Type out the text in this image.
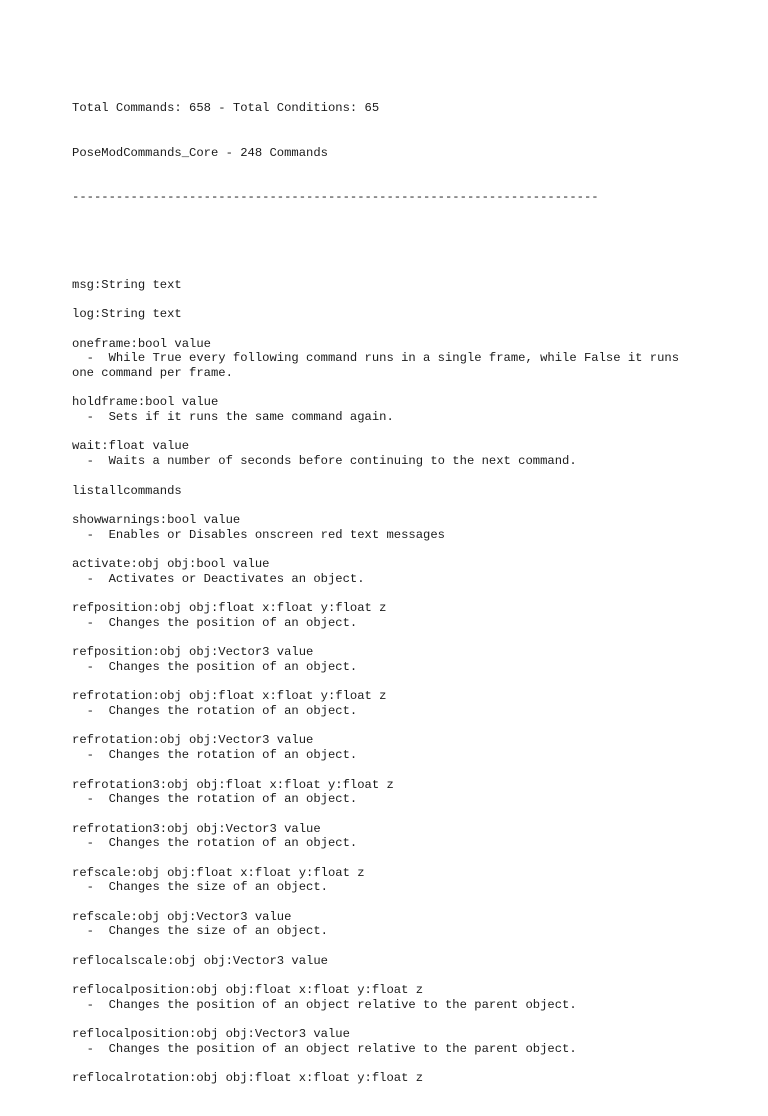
Total Commands: 658 - Total Conditions: 65

PoseModCommands_Core - 248 Commands

------------------------------------------------------------------------

msg:String text
log:String text
oneframe:bool value
-  While True every following command runs in a single frame, while False it runs
one command per frame.
holdframe:bool value
-  Sets if it runs the same command again.
wait:float value
-  Waits a number of seconds before continuing to the next command.
listallcommands
showwarnings:bool value
-  Enables or Disables onscreen red text messages
activate:obj obj:bool value
-  Activates or Deactivates an object.
refposition:obj obj:float x:float y:float z
-  Changes the position of an object.
refposition:obj obj:Vector3 value
-  Changes the position of an object.
refrotation:obj obj:float x:float y:float z
-  Changes the rotation of an object.
refrotation:obj obj:Vector3 value
-  Changes the rotation of an object.
refrotation3:obj obj:float x:float y:float z
-  Changes the rotation of an object.
refrotation3:obj obj:Vector3 value
-  Changes the rotation of an object.
refscale:obj obj:float x:float y:float z
-  Changes the size of an object.
refscale:obj obj:Vector3 value
-  Changes the size of an object.
reflocalscale:obj obj:Vector3 value
reflocalposition:obj obj:float x:float y:float z
-  Changes the position of an object relative to the parent object.
reflocalposition:obj obj:Vector3 value
-  Changes the position of an object relative to the parent object.
reflocalrotation:obj obj:float x:float y:float z
